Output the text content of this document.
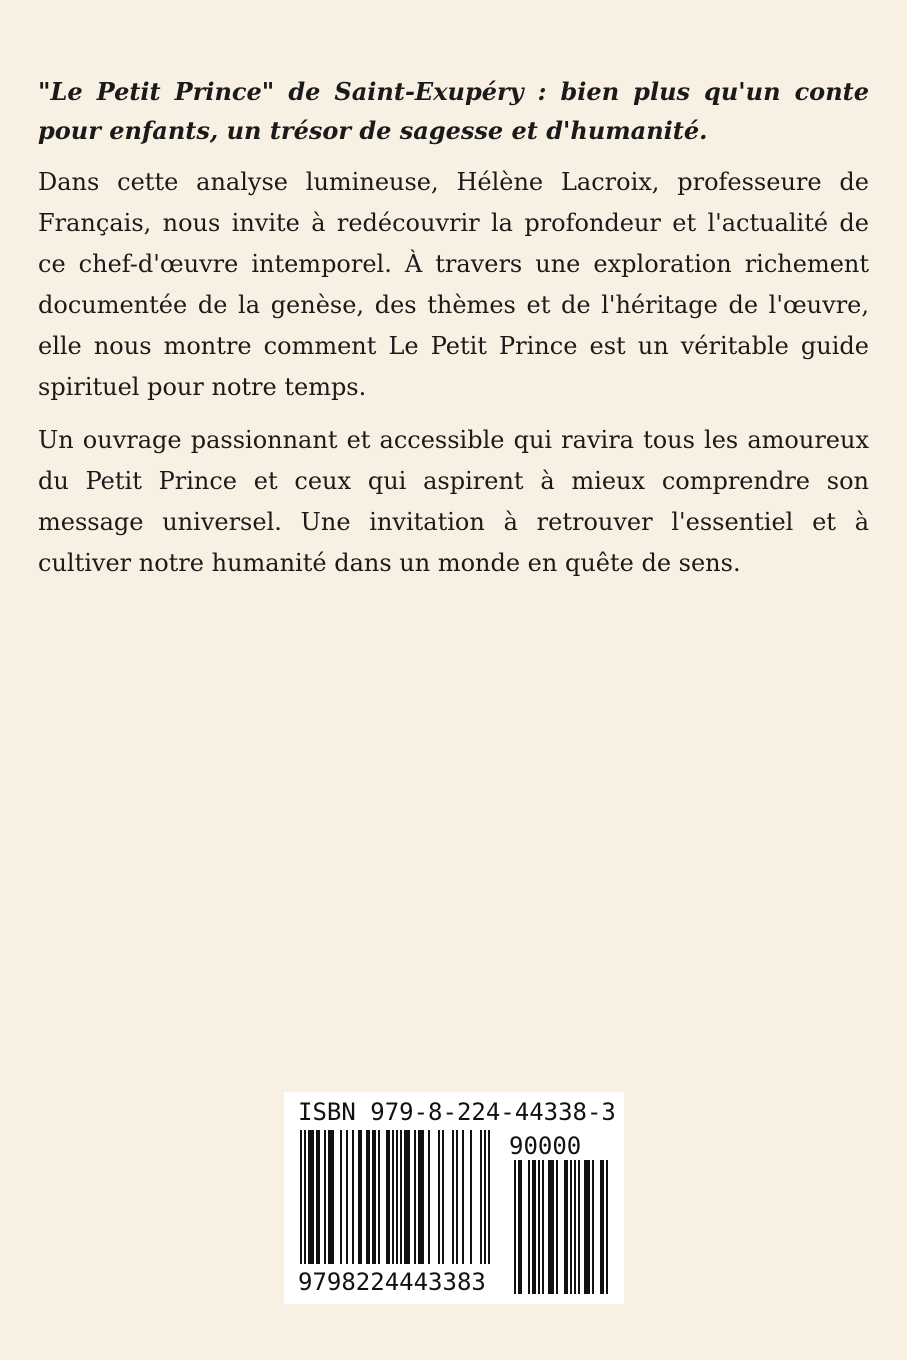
"Le Petit Prince" de Saint-Exupéry : bien plus qu'un conte pour enfants, un trésor de sagesse et d'humanité.

Dans cette analyse lumineuse, Hélène Lacroix, professeure de Français, nous invite à redécouvrir la profondeur et l'actualité de ce chef-d'œuvre intemporel. À travers une exploration richement documentée de la genèse, des thèmes et de l'héritage de l'œuvre, elle nous montre comment Le Petit Prince est un véritable guide spirituel pour notre temps.

Un ouvrage passionnant et accessible qui ravira tous les amoureux du Petit Prince et ceux qui aspirent à mieux comprendre son message universel. Une invitation à retrouver l'essentiel et à cultiver notre humanité dans un monde en quête de sens.

ISBN 979-8-224-44338-3
90000
9798224443383
